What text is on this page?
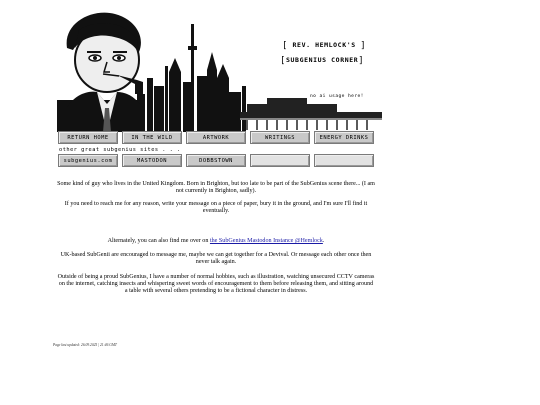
[ REV. HEMLOCK'S ]
[SUBGENIUS CORNER]
no ai usage here!
RETURN HOME	IN THE WILD	ARTWORK	WRITINGS	ENERGY DRINKS
other great subgenius sites . . .
subgenius.com	MASTODON	DOBBSTOWN
Some kind of guy who lives in the United Kingdom. Born in Brighton, but too late to be part of the SubGenius scene there... (I am not currently in Brighton, sadly).
If you need to reach me for any reason, write your message on a piece of paper, bury it in the ground, and I'm sure I'll find it eventually.
Alternately, you can also find me over on the SubGenius Mastodon Instance @Hemlock.
UK-based SubGenii are encouraged to message me, maybe we can get together for a Devival. Or message each other once then never talk again.
Outside of being a proud SubGenius, I have a number of normal hobbies, such as illustration, watching unsecured CCTV cameras on the internet, catching insects and whispering sweet words of encouragement to them before releasing them, and sitting around a table with several others pretending to be a fictional character in distress.
Page last updated: 26.09.2025 | 21:46 GMT
